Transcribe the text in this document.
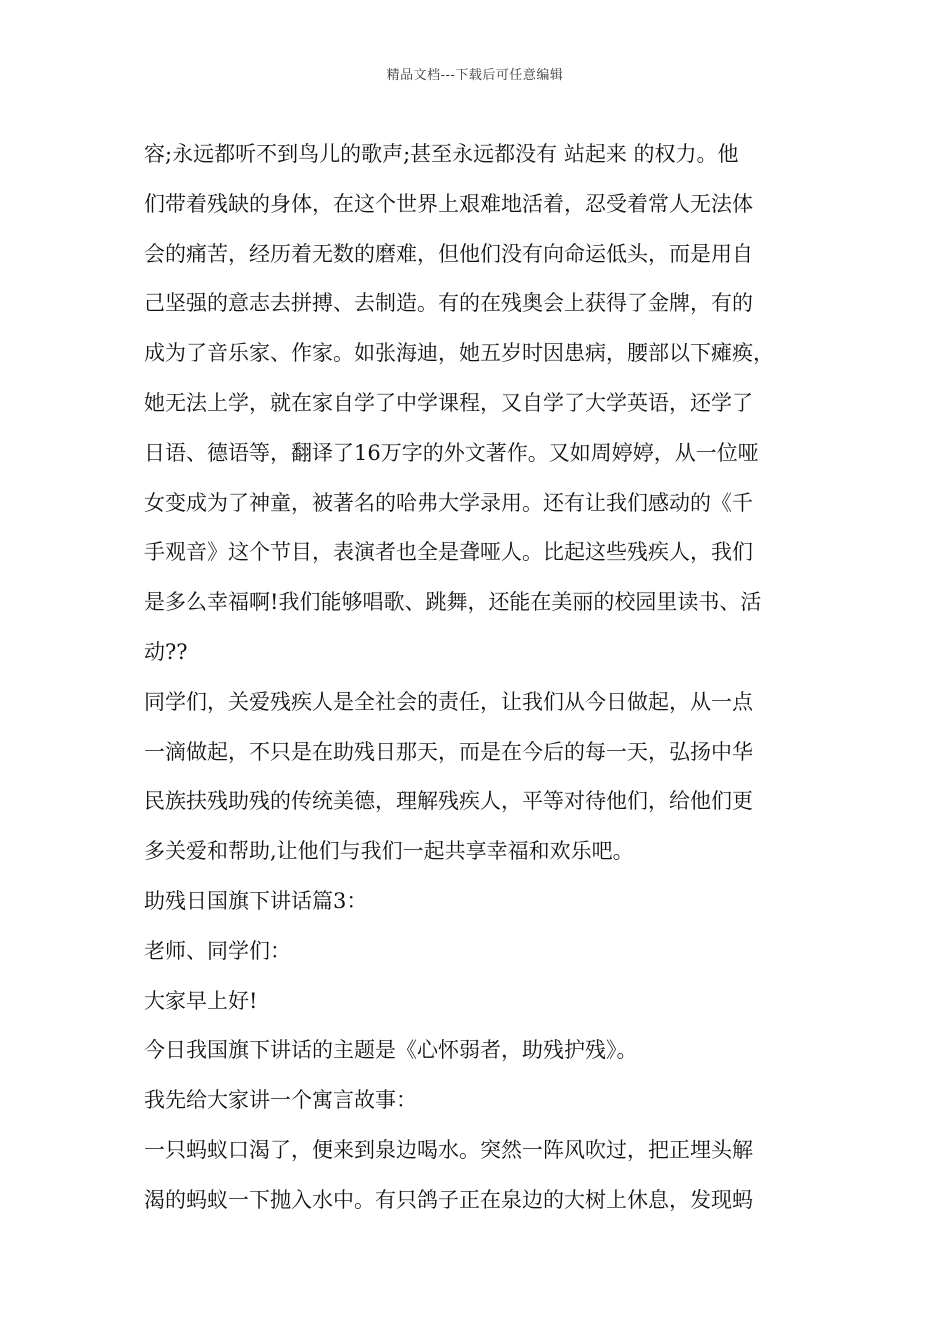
精品文档---下载后可任意编辑
容;永远都听不到鸟儿的歌声;甚至永远都没有 站起来 的权力。他
们带着残缺的身体，在这个世界上艰难地活着，忍受着常人无法体
会的痛苦，经历着无数的磨难，但他们没有向命运低头，而是用自
己坚强的意志去拼搏、去制造。有的在残奥会上获得了金牌，有的
成为了音乐家、作家。如张海迪，她五岁时因患病，腰部以下瘫痪，
她无法上学，就在家自学了中学课程，又自学了大学英语，还学了
日语、德语等，翻译了16万字的外文著作。又如周婷婷，从一位哑
女变成为了神童，被著名的哈弗大学录用。还有让我们感动的《千
手观音》这个节目，表演者也全是聋哑人。比起这些残疾人，我们
是多么幸福啊!我们能够唱歌、跳舞，还能在美丽的校园里读书、活
动??
同学们，关爱残疾人是全社会的责任，让我们从今日做起，从一点
一滴做起，不只是在助残日那天，而是在今后的每一天，弘扬中华
民族扶残助残的传统美德，理解残疾人，平等对待他们，给他们更
多关爱和帮助,让他们与我们一起共享幸福和欢乐吧。
助残日国旗下讲话篇3：
老师、同学们：
大家早上好!
今日我国旗下讲话的主题是《心怀弱者，助残护残》。
我先给大家讲一个寓言故事：
一只蚂蚁口渴了，便来到泉边喝水。突然一阵风吹过，把正埋头解
渴的蚂蚁一下抛入水中。有只鸽子正在泉边的大树上休息，发现蚂
